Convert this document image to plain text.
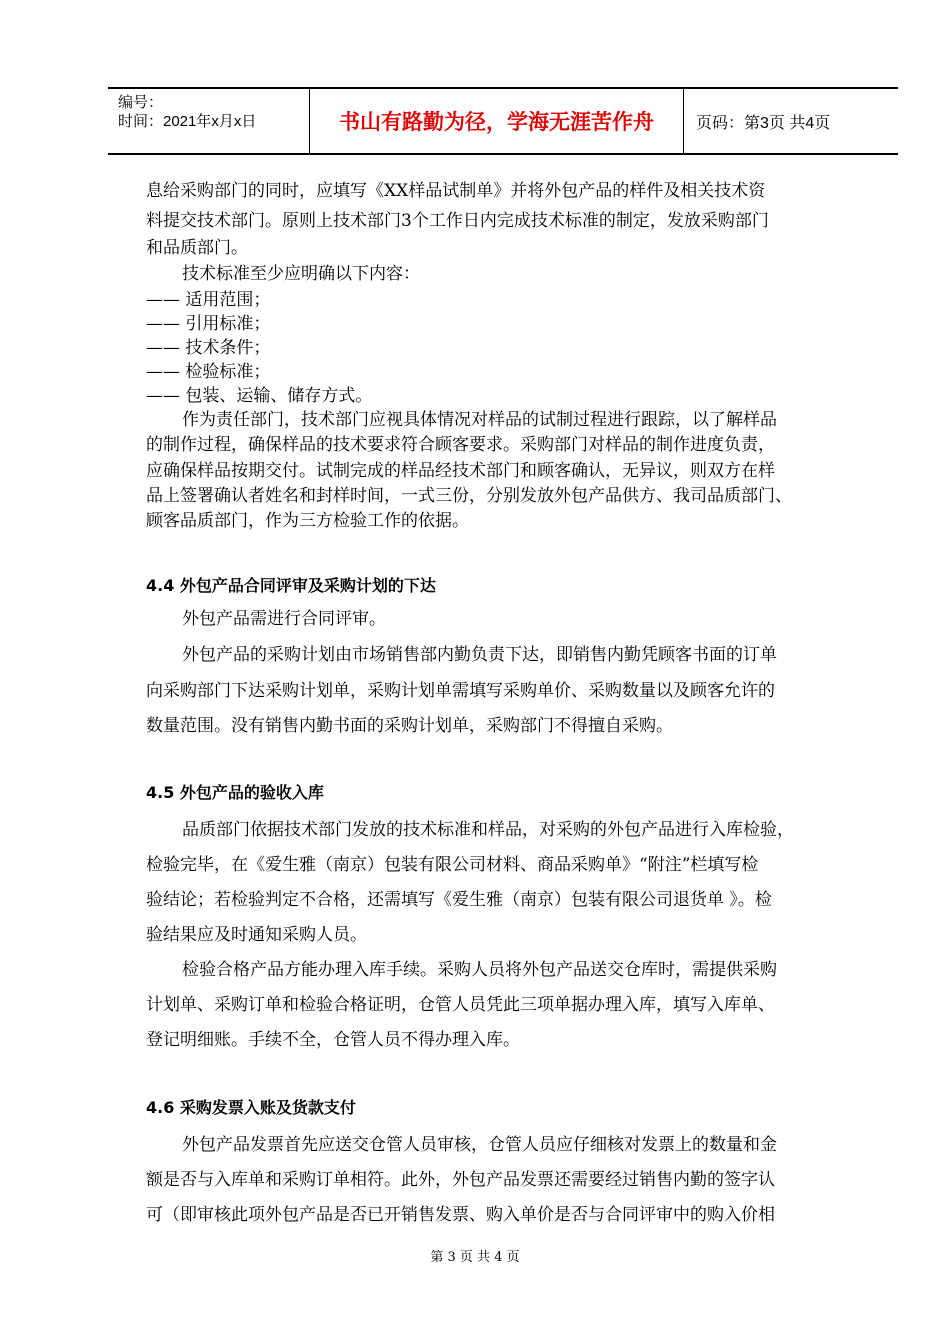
编号：
时间：2021年x月x日	书山有路勤为径，学海无涯苦作舟	页码：第3页 共4页
息给采购部门的同时，应填写《XX样品试制单》并将外包产品的样件及相关技术资
料提交技术部门。原则上技术部门3个工作日内完成技术标准的制定，发放采购部门
和品质部门。
技术标准至少应明确以下内容：
—— 适用范围；
—— 引用标准；
—— 技术条件；
—— 检验标准；
—— 包装、运输、储存方式。
作为责任部门，技术部门应视具体情况对样品的试制过程进行跟踪，以了解样品
的制作过程，确保样品的技术要求符合顾客要求。采购部门对样品的制作进度负责，
应确保样品按期交付。试制完成的样品经技术部门和顾客确认，无异议，则双方在样
品上签署确认者姓名和封样时间，一式三份，分别发放外包产品供方、我司品质部门、
顾客品质部门，作为三方检验工作的依据。
4.4 外包产品合同评审及采购计划的下达
外包产品需进行合同评审。
外包产品的采购计划由市场销售部内勤负责下达，即销售内勤凭顾客书面的订单
向采购部门下达采购计划单，采购计划单需填写采购单价、采购数量以及顾客允许的
数量范围。没有销售内勤书面的采购计划单，采购部门不得擅自采购。
4.5 外包产品的验收入库
品质部门依据技术部门发放的技术标准和样品，对采购的外包产品进行入库检验，
检验完毕，在《爱生雅（南京）包装有限公司材料、商品采购单》“附注”栏填写检
验结论；若检验判定不合格，还需填写《爱生雅（南京）包装有限公司退货单 》。检
验结果应及时通知采购人员。
检验合格产品方能办理入库手续。采购人员将外包产品送交仓库时，需提供采购
计划单、采购订单和检验合格证明，仓管人员凭此三项单据办理入库，填写入库单、
登记明细账。手续不全，仓管人员不得办理入库。
4.6 采购发票入账及货款支付
外包产品发票首先应送交仓管人员审核，仓管人员应仔细核对发票上的数量和金
额是否与入库单和采购订单相符。此外，外包产品发票还需要经过销售内勤的签字认
可（即审核此项外包产品是否已开销售发票、购入单价是否与合同评审中的购入价相
第 3 页 共 4 页
